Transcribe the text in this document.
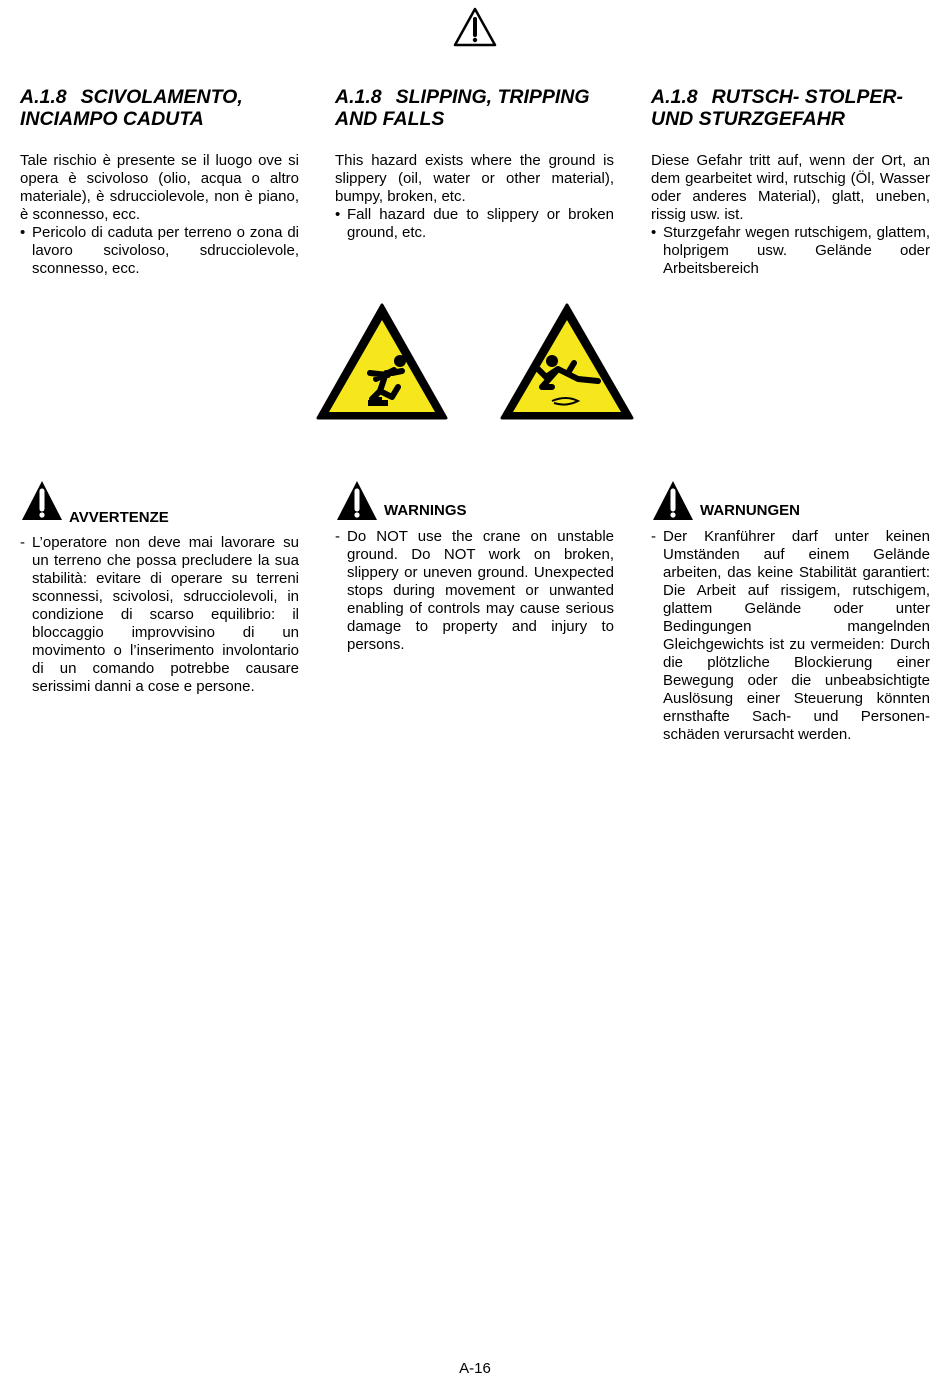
A.1.8 SCIVOLAMENTO, INCIAMPO CADUTA

Tale rischio è presente se il luogo ove si opera è scivoloso (olio, acqua o altro materiale), è sdrucciolevole, non è piano, è sconnesso, ecc.

• Pericolo di caduta per terreno o zona di lavoro scivoloso, sdrucciolevole, sconnesso, ecc.

AVVERTENZE

- L’operatore non deve mai lavorare su un terreno che possa precludere la sua stabilità: evitare di operare su terreni sconnessi, scivolosi, sdrucciolevoli, in condizione di scarso equilibrio: il bloccaggio improvvisino di un movimento o l’inserimento involontario di un comando potrebbe causare serissimi danni a cose e persone.

A.1.8 SLIPPING, TRIPPING AND FALLS

This hazard exists where the ground is slippery (oil, water or other material), bumpy, broken, etc.

• Fall hazard due to slippery or broken ground, etc.

WARNINGS

- Do NOT use the crane on unstable ground. Do NOT work on broken, slippery or uneven ground. Unexpected stops during movement or unwanted enabling of controls may cause serious damage to property and injury to persons.

A.1.8 RUTSCH- STOLPER- UND STURZGEFAHR

Diese Gefahr tritt auf, wenn der Ort, an dem gearbeitet wird, rutschig (Öl, Wasser oder anderes Material), glatt, uneben, rissig usw. ist.

• Sturzgefahr wegen rutschigem, glattem, holprigem usw. Gelände oder Arbeitsbereich

WARNUNGEN

- Der Kranführer darf unter keinen Umständen auf einem Gelände arbeiten, das keine Stabilität garantiert: Die Arbeit auf rissigem, rutschigem, glattem Gelände oder unter Bedingungen mangelnden Gleichgewichts ist zu vermeiden: Durch die plötzliche Blockierung einer Bewegung oder die unbeabsichtigte Auslösung einer Steuerung könnten ernsthafte Sach- und Personen-schäden verursacht werden.

A-16
